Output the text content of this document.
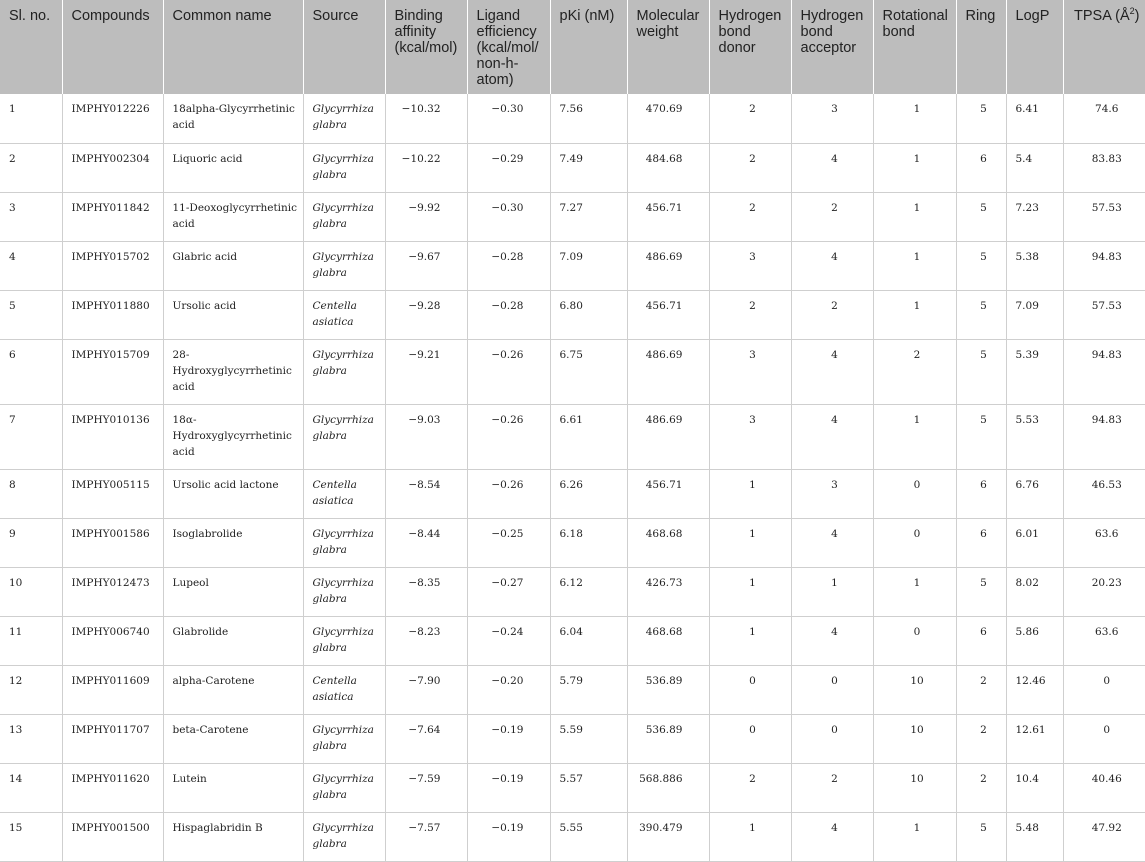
Sl. no.	Compounds	Common name	Source	Binding affinity (kcal/mol)	Ligand efficiency (kcal/mol/ non-h-atom)	pKi (nM)	Molecular weight	Hydrogen bond donor	Hydrogen bond acceptor	Rotational bond	Ring	LogP	TPSA $(Å^2)$
1	IMPHY012226	18alpha-Glycyrrhetinic acid	Glycyrrhiza glabra	−10.32	−0.30	7.56	470.69	2	3	1	5	6.41	74.6
2	IMPHY002304	Liquoric acid	Glycyrrhiza glabra	−10.22	−0.29	7.49	484.68	2	4	1	6	5.4	83.83
3	IMPHY011842	11-Deoxoglycyrrhetinic acid	Glycyrrhiza glabra	−9.92	−0.30	7.27	456.71	2	2	1	5	7.23	57.53
4	IMPHY015702	Glabric acid	Glycyrrhiza glabra	−9.67	−0.28	7.09	486.69	3	4	1	5	5.38	94.83
5	IMPHY011880	Ursolic acid	Centella asiatica	−9.28	−0.28	6.80	456.71	2	2	1	5	7.09	57.53
6	IMPHY015709	28-Hydroxyglycyrrhetinic acid	Glycyrrhiza glabra	−9.21	−0.26	6.75	486.69	3	4	2	5	5.39	94.83
7	IMPHY010136	18α-Hydroxyglycyrrhetinic acid	Glycyrrhiza glabra	−9.03	−0.26	6.61	486.69	3	4	1	5	5.53	94.83
8	IMPHY005115	Ursolic acid lactone	Centella asiatica	−8.54	−0.26	6.26	456.71	1	3	0	6	6.76	46.53
9	IMPHY001586	Isoglabrolide	Glycyrrhiza glabra	−8.44	−0.25	6.18	468.68	1	4	0	6	6.01	63.6
10	IMPHY012473	Lupeol	Glycyrrhiza glabra	−8.35	−0.27	6.12	426.73	1	1	1	5	8.02	20.23
11	IMPHY006740	Glabrolide	Glycyrrhiza glabra	−8.23	−0.24	6.04	468.68	1	4	0	6	5.86	63.6
12	IMPHY011609	alpha-Carotene	Centella asiatica	−7.90	−0.20	5.79	536.89	0	0	10	2	12.46	0
13	IMPHY011707	beta-Carotene	Glycyrrhiza glabra	−7.64	−0.19	5.59	536.89	0	0	10	2	12.61	0
14	IMPHY011620	Lutein	Glycyrrhiza glabra	−7.59	−0.19	5.57	568.886	2	2	10	2	10.4	40.46
15	IMPHY001500	Hispaglabridin B	Glycyrrhiza glabra	−7.57	−0.19	5.55	390.479	1	4	1	5	5.48	47.92
